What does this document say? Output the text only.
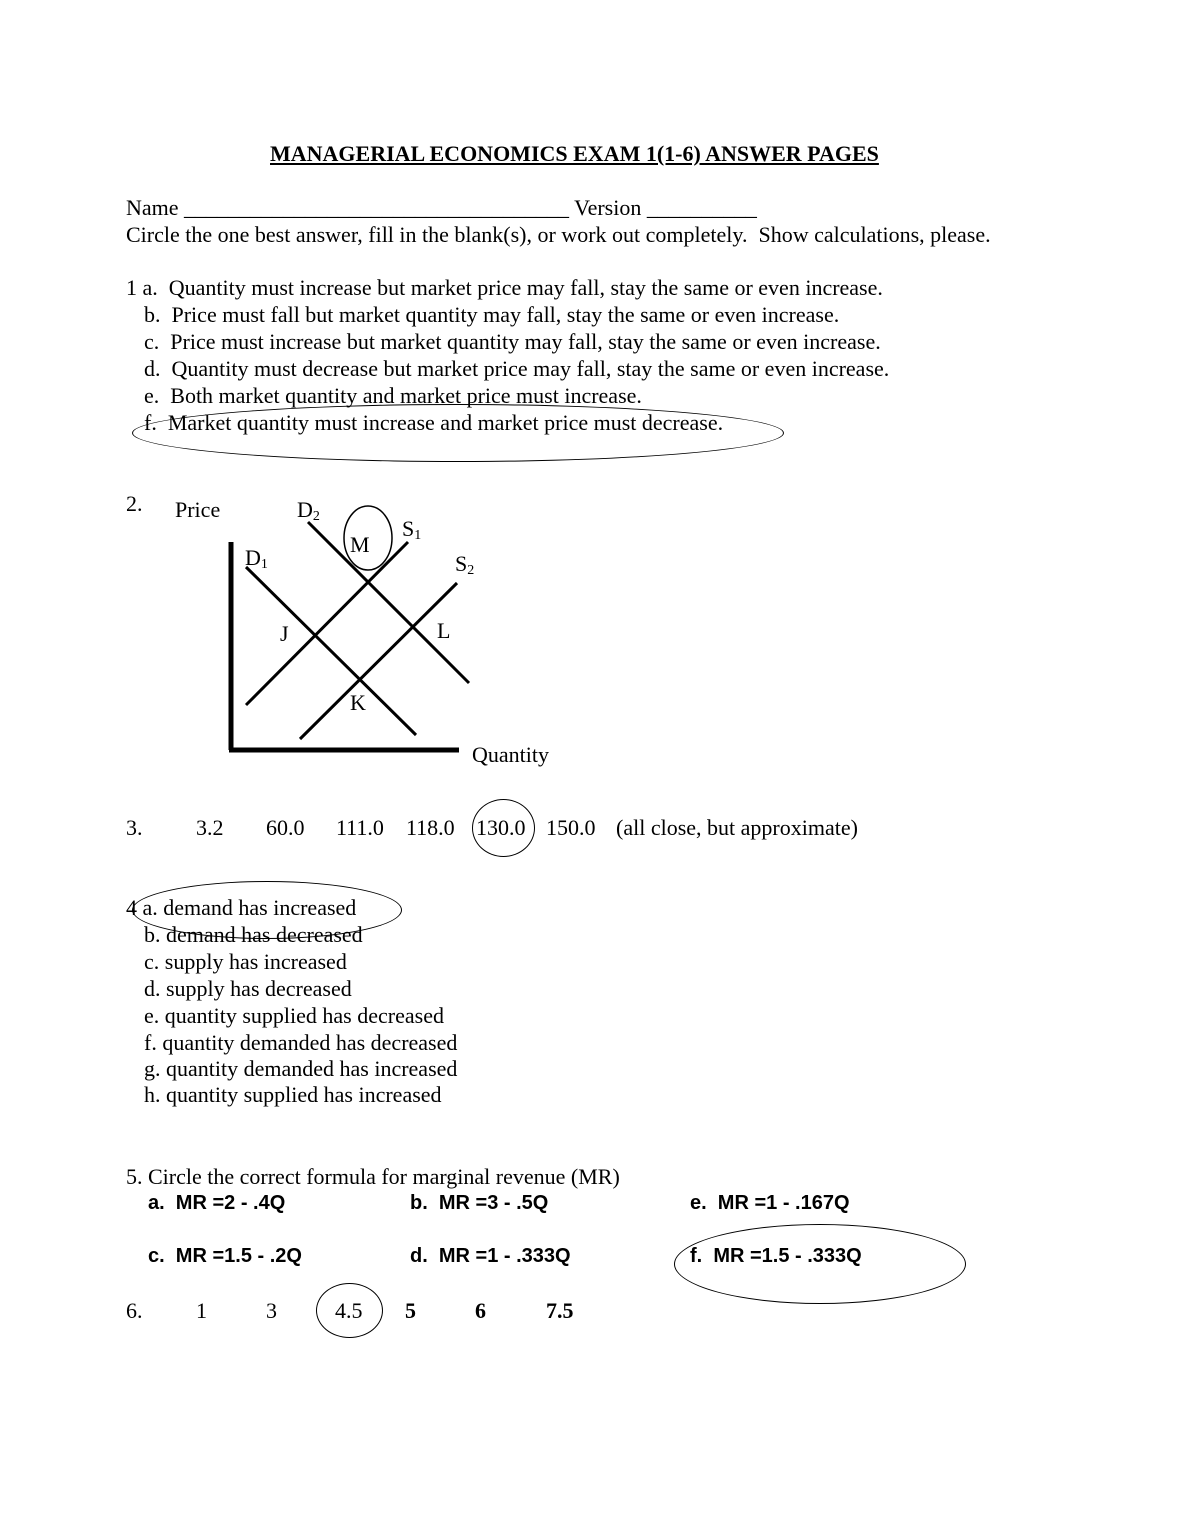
MANAGERIAL ECONOMICS EXAM 1(1-6) ANSWER PAGES
Name ___________________________________ Version __________
Circle the one best answer, fill in the blank(s), or work out completely.  Show calculations, please.
1 a.  Quantity must increase but market price may fall, stay the same or even increase.
b.  Price must fall but market quantity may fall, stay the same or even increase.
c.  Price must increase but market quantity may fall, stay the same or even increase.
d.  Quantity must decrease but market price may fall, stay the same or even increase.
e.  Both market quantity and market price must increase.
f.  Market quantity must increase and market price must decrease.
2. Price
Quantity
$D_2$
$D_1$
$S_1$
$S_2$
M
J	L
K
3. 3.2 60.0 111.0 118.0 130.0 150.0 (all close, but approximate)
4 a. demand has increased
b. demand has decreased
c. supply has increased
d. supply has decreased
e. quantity supplied has decreased
f. quantity demanded has decreased
g. quantity demanded has increased
h. quantity supplied has increased
5. Circle the correct formula for marginal revenue (MR)
a.  MR =2 - .4Q	b.  MR =3 - .5Q	e.  MR =1 - .167Q
c.  MR =1.5 - .2Q	d.  MR =1 - .333Q	f.  MR =1.5 - .333Q
6. 1	3	4.5 5	6	7.5
